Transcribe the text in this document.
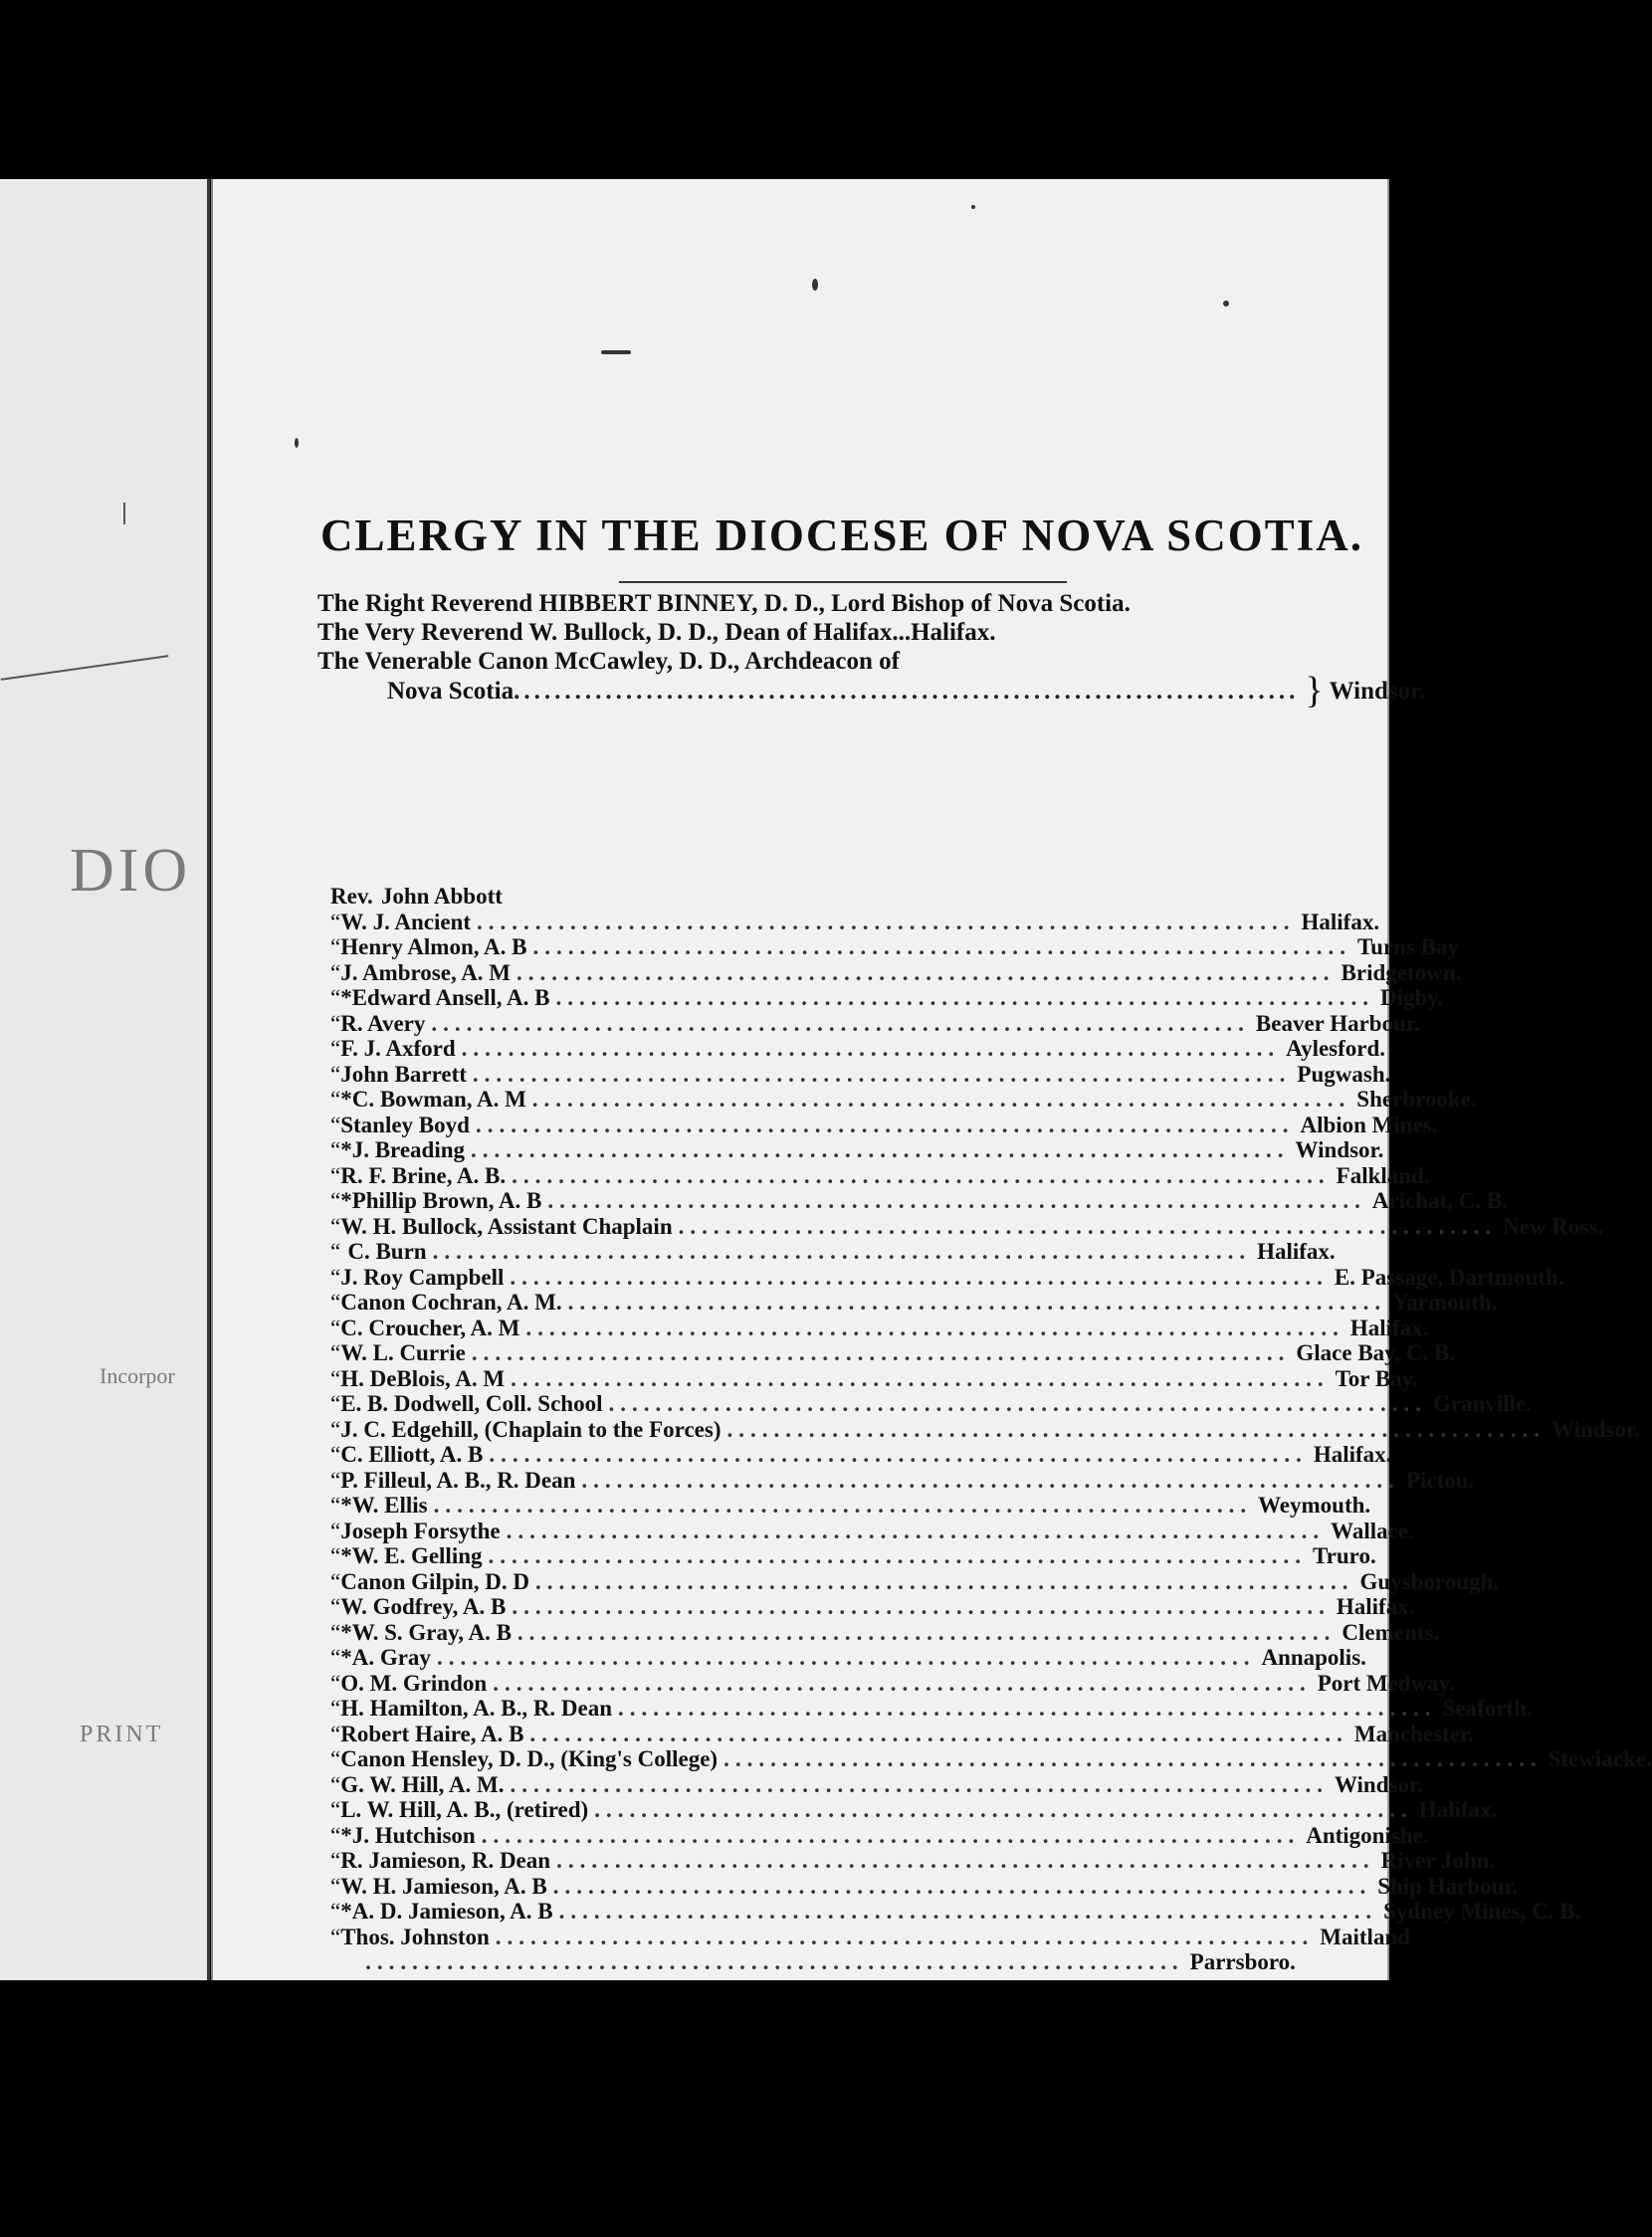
DIO
Incorpor
PRINT
CLERGY IN THE DIOCESE OF NOVA SCOTIA.
The Right Reverend HIBBERT BINNEY, D. D., Lord Bishop of Nova Scotia.
The Very Reverend W. Bullock, D. D., Dean of Halifax...Halifax.
The Venerable Canon McCawley, D. D., Archdeacon of
Nova Scotia ............................................................................. } Windsor.
Rev. John Abbott
“ W. J. Ancient ...................................................................... Halifax.
“ Henry Almon, A. B ...................................................................... Turns Bay
“ J. Ambrose, A. M ...................................................................... Bridgetown.
“ *Edward Ansell, A. B ...................................................................... Digby.
“ R. Avery ...................................................................... Beaver Harbour.
“ F. J. Axford ...................................................................... Aylesford.
“ John Barrett ...................................................................... Pugwash.
“ *C. Bowman, A. M ...................................................................... Sherbrooke.
“ Stanley Boyd ...................................................................... Albion Mines.
“ *J. Breading ...................................................................... Windsor.
“ R. F. Brine, A. B. ...................................................................... Falkland.
“ *Phillip Brown, A. B ...................................................................... Arichat, C. B.
“ W. H. Bullock, Assistant Chaplain ...................................................................... New Ross.
“ C. Burn ...................................................................... Halifax.
“ J. Roy Campbell ...................................................................... E. Passage, Dartmouth.
“ Canon Cochran, A. M. ...................................................................... Yarmouth.
“ C. Croucher, A. M ...................................................................... Halifax.
“ W. L. Currie ...................................................................... Glace Bay, C. B.
“ H. DeBlois, A. M ...................................................................... Tor Bay.
“ E. B. Dodwell, Coll. School ...................................................................... Granville.
“ J. C. Edgehill, (Chaplain to the Forces) ...................................................................... Windsor.
“ C. Elliott, A. B ...................................................................... Halifax.
“ P. Filleul, A. B., R. Dean ...................................................................... Pictou.
“ *W. Ellis ...................................................................... Weymouth.
“ Joseph Forsythe ...................................................................... Wallace.
“ *W. E. Gelling ...................................................................... Truro.
“ Canon Gilpin, D. D ...................................................................... Guysborough.
“ W. Godfrey, A. B ...................................................................... Halifax.
“ *W. S. Gray, A. B ...................................................................... Clements.
“ *A. Gray ...................................................................... Annapolis.
“ O. M. Grindon ...................................................................... Port Medway.
“ H. Hamilton, A. B., R. Dean ...................................................................... Seaforth.
“ Robert Haire, A. B ...................................................................... Manchester.
“ Canon Hensley, D. D., (King's College) ...................................................................... Stewiacke.
“ G. W. Hill, A. M. ...................................................................... Windsor.
“ L. W. Hill, A. B., (retired) ...................................................................... Halifax.
“ *J. Hutchison ...................................................................... Antigonishe.
“ R. Jamieson, R. Dean ...................................................................... River John.
“ W. H. Jamieson, A. B ...................................................................... Ship Harbour.
“ *A. D. Jamieson, A. B ...................................................................... Sydney Mines, C. B.
“ Thos. Johnston ...................................................................... Maitland
...................................................................... Parrsboro.
